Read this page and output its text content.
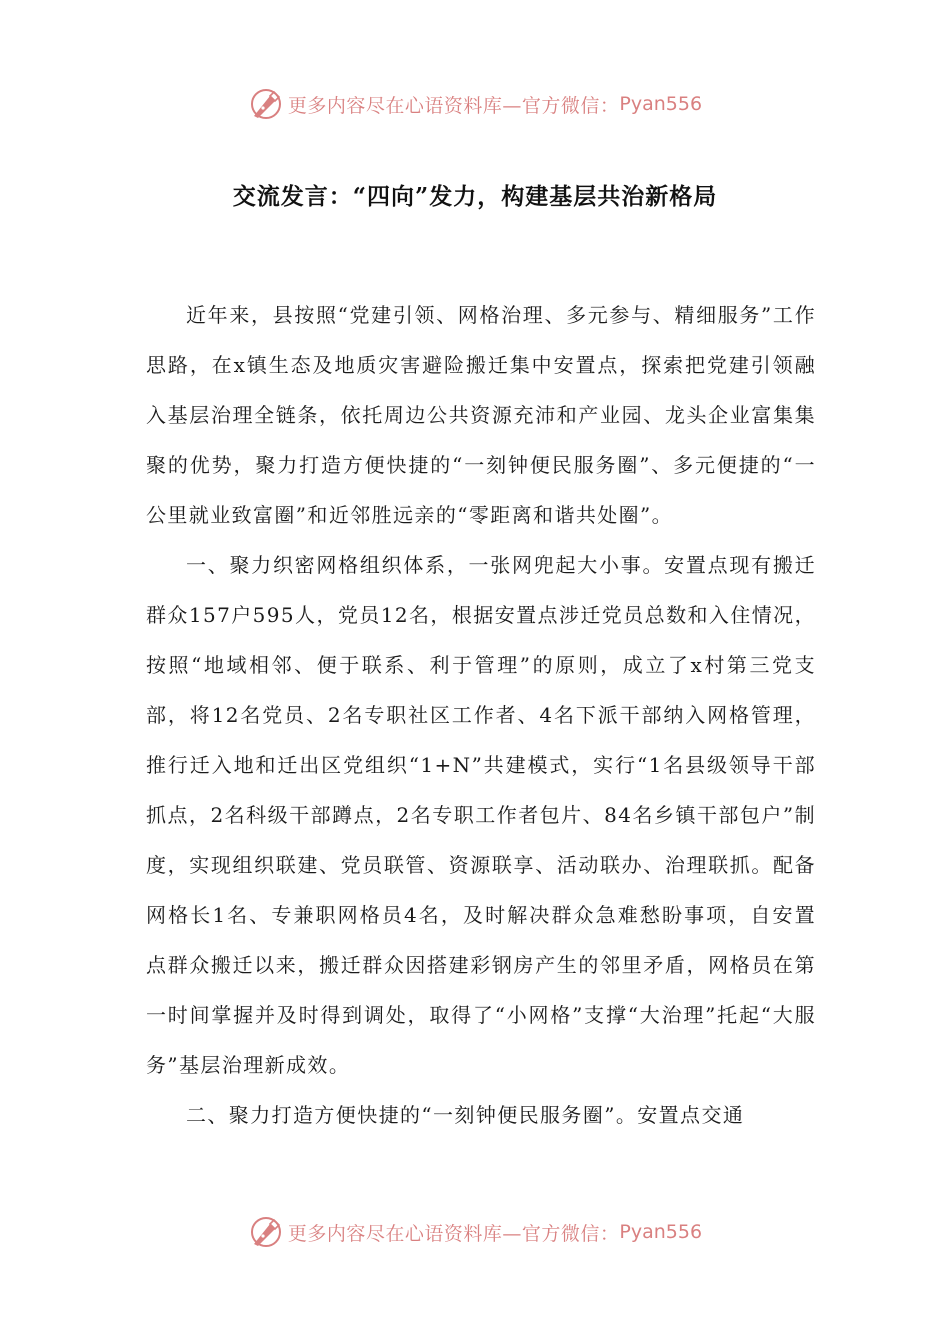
更多内容尽在心语资料库—官方微信： Pyan556
交流发言：“四向”发力，构建基层共治新格局

近年来，县按照“党建引领、网格治理、多元参与、精细服务”工作思路，在x镇生态及地质灾害避险搬迁集中安置点，探索把党建引领融入基层治理全链条，依托周边公共资源充沛和产业园、龙头企业富集集聚的优势，聚力打造方便快捷的“一刻钟便民服务圈”、多元便捷的“一公里就业致富圈”和近邻胜远亲的“零距离和谐共处圈”。

一、聚力织密网格组织体系，一张网兜起大小事。安置点现有搬迁群众157户595人，党员12名，根据安置点涉迁党员总数和入住情况，按照“地域相邻、便于联系、利于管理”的原则，成立了x村第三党支部，将12名党员、2名专职社区工作者、4名下派干部纳入网格管理，推行迁入地和迁出区党组织“1+N”共建模式，实行“1名县级领导干部抓点，2名科级干部蹲点，2名专职工作者包片、84名乡镇干部包户”制度，实现组织联建、党员联管、资源联享、活动联办、治理联抓。配备网格长1名、专兼职网格员4名，及时解决群众急难愁盼事项，自安置点群众搬迁以来，搬迁群众因搭建彩钢房产生的邻里矛盾，网格员在第一时间掌握并及时得到调处，取得了“小网格”支撑“大治理”托起“大服务”基层治理新成效。

二、聚力打造方便快捷的“一刻钟便民服务圈”。安置点交通

更多内容尽在心语资料库—官方微信： Pyan556
